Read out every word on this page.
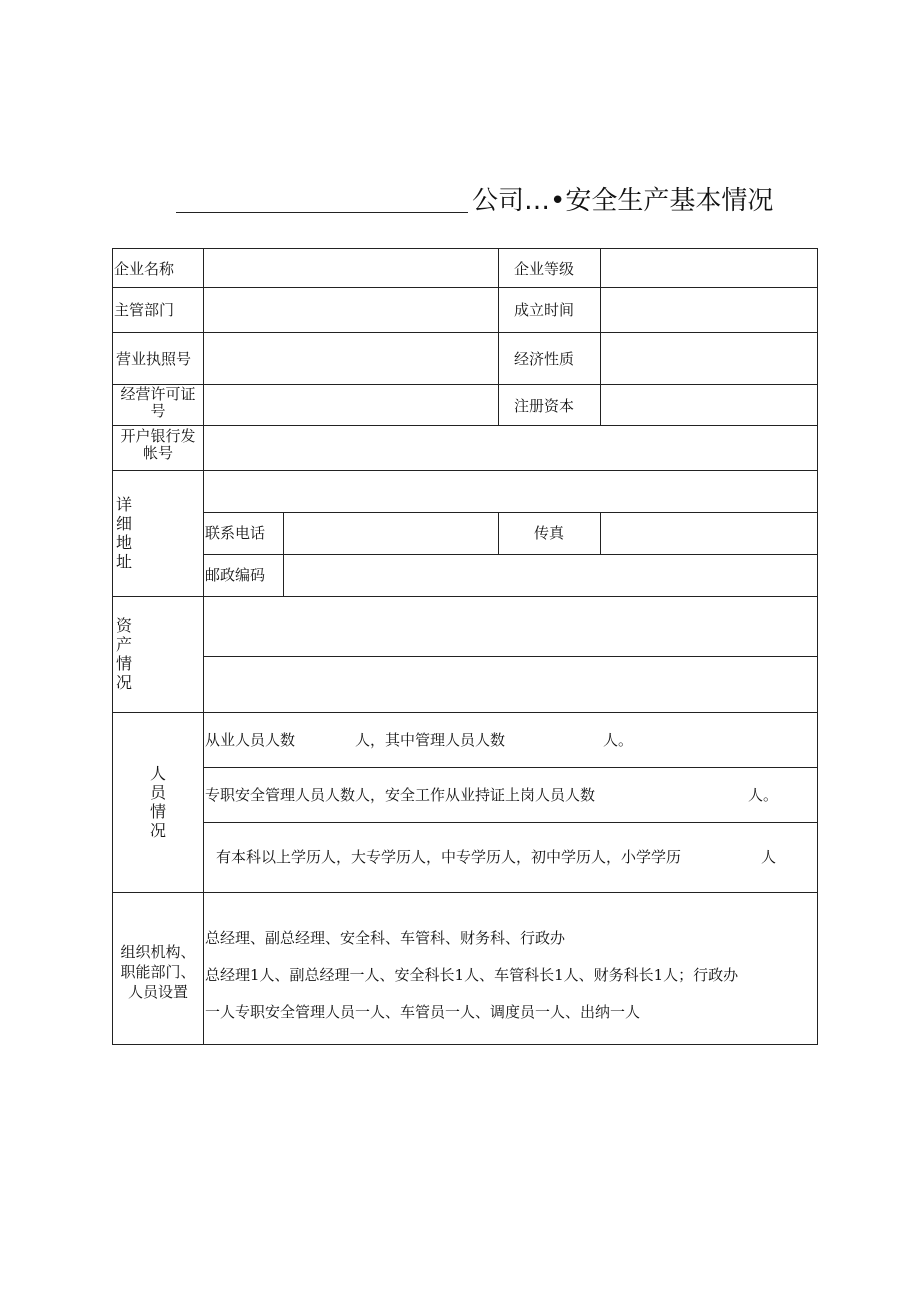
公司…•安全生产基本情况
企业名称	企业等级
主管部门	成立时间
营业执照号	经济性质
经营许可证
号	注册资本
开户银行发
帐号
详
细
地
址
联系电话	传真
邮政编码
资
产
情
况
人
员
情
况
从业人员人数	人，其中管理人员人数	人。
专职安全管理人员人数人，安全工作从业持证上岗人员人数	人。
有本科以上学历人，大专学历人，中专学历人，初中学历人，小学学历	人
组织机构、
职能部门、
人员设置
总经理、副总经理、安全科、车管科、财务科、行政办
总经理1人、副总经理一人、安全科长1人、车管科长1人、财务科长1人；行政办
一人专职安全管理人员一人、车管员一人、调度员一人、出纳一人
